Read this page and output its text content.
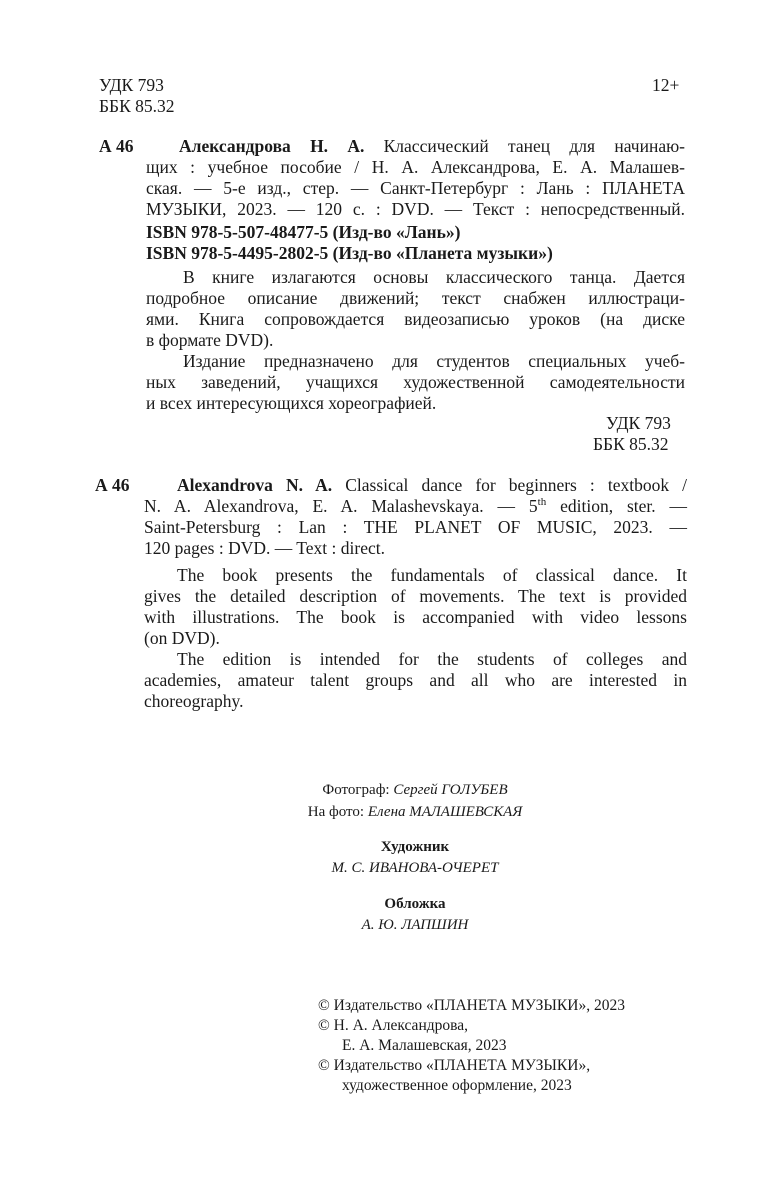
УДК 793
ББК 85.32
12+
А 46	Александрова Н. А. Классический танец для начинаю-
щих : учебное пособие / Н. А. Александрова, Е. А. Малашев-
ская. — 5-е изд., стер. — Санкт-Петербург : Лань : ПЛАНЕТА
МУЗЫКИ, 2023. — 120 с. : DVD. — Текст : непосредственный.
ISBN 978-5-507-48477-5 (Изд-во «Лань»)
ISBN 978-5-4495-2802-5 (Изд-во «Планета музыки»)
В книге излагаются основы классического танца. Дается
подробное описание движений; текст снабжен иллюстраци-
ями. Книга сопровождается видеозаписью уроков (на диске
в формате DVD).
Издание предназначено для студентов специальных учеб-
ных заведений, учащихся художественной самодеятельности
и всех интересующихся хореографией.
УДК 793
ББК 85.32
А 46	Alexandrova N. A. Classical dance for beginners : textbook /
N. A. Alexandrova, E. A. Malashevskaya. — 5th edition, ster. —
Saint-Petersburg : Lan : THE PLANET OF MUSIC, 2023. —
120 pages : DVD. — Text : direct.
The book presents the fundamentals of classical dance. It
gives the detailed description of movements. The text is provided
with illustrations. The book is accompanied with video lessons
(on DVD).
The edition is intended for the students of colleges and
academies, amateur talent groups and all who are interested in
choreography.
Фотограф: Сергей ГОЛУБЕВ
На фото: Елена МАЛАШЕВСКАЯ
Художник
М. С. ИВАНОВА-ОЧЕРЕТ
Обложка
А. Ю. ЛАПШИН
© Издательство «ПЛАНЕТА МУЗЫКИ», 2023
© Н. А. Александрова,
Е. А. Малашевская, 2023
© Издательство «ПЛАНЕТА МУЗЫКИ»,
художественное оформление, 2023
